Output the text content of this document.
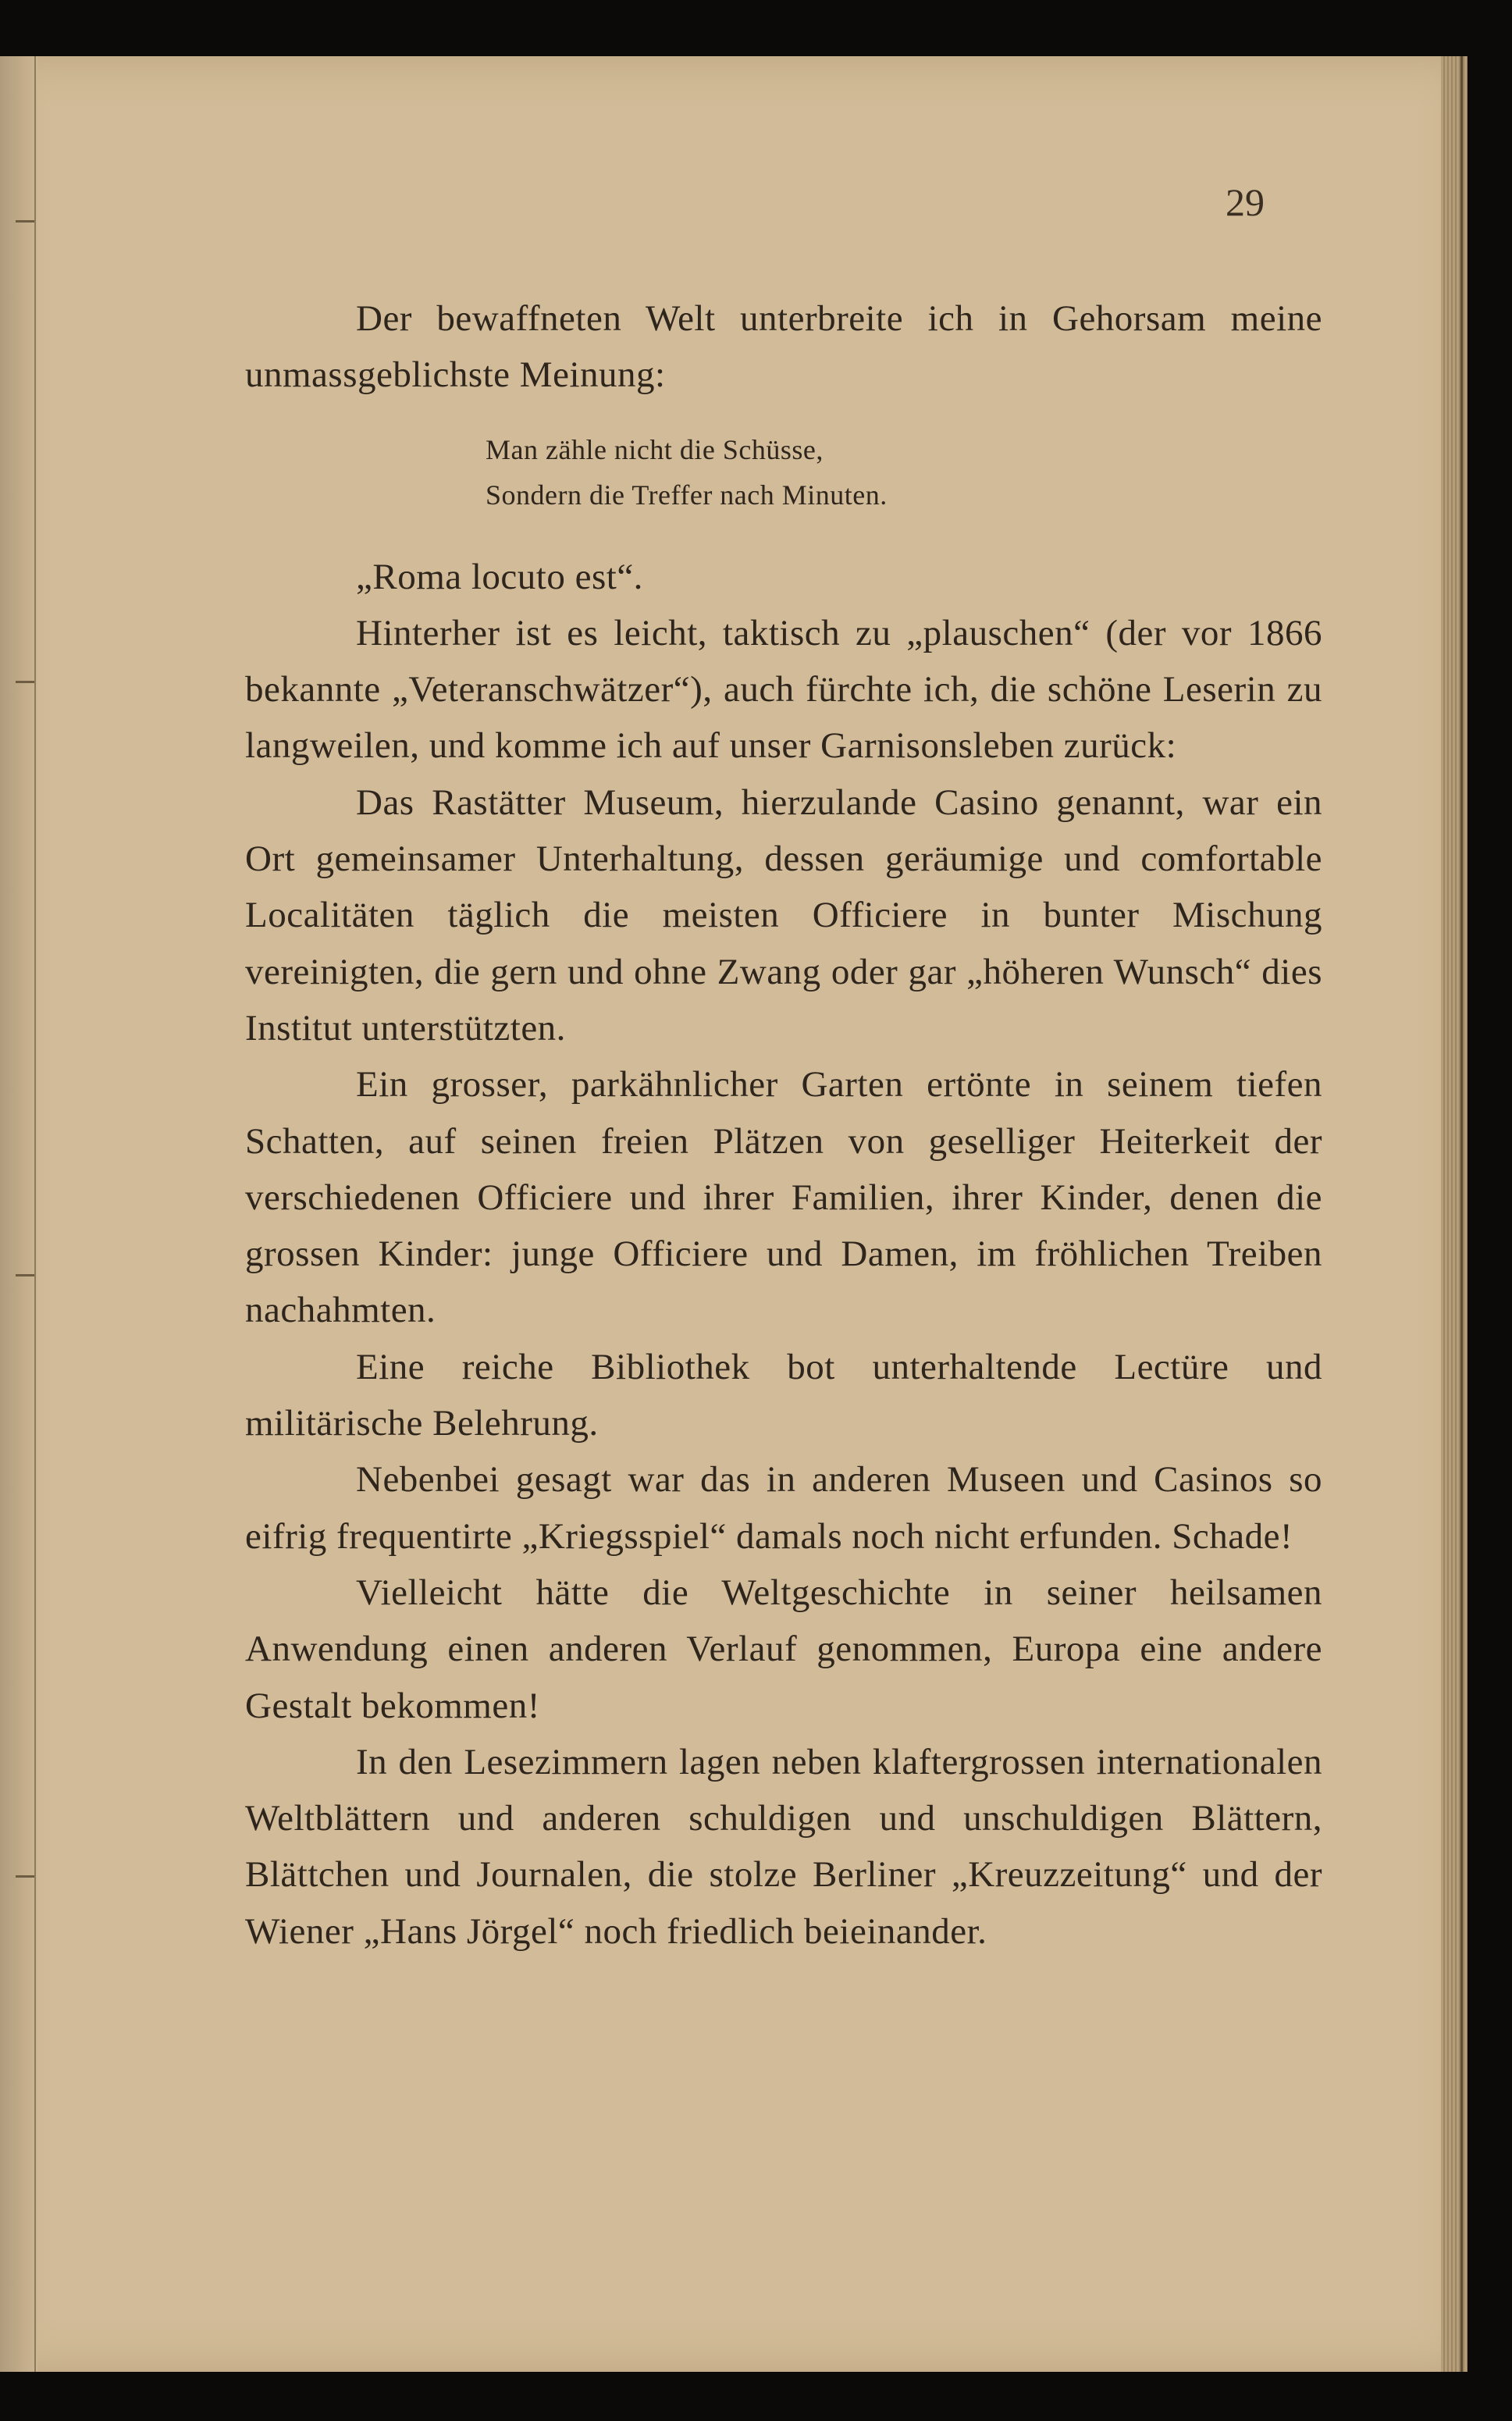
29

Der bewaffneten Welt unterbreite ich in Gehorsam meine unmassgeblichste Meinung:

Man zähle nicht die Schüsse,
Sondern die Treffer nach Minuten.

„Roma locuto est“.

Hinterher ist es leicht, taktisch zu „plauschen“ (der vor 1866 bekannte „Veteranschwätzer“), auch fürchte ich, die schöne Leserin zu langweilen, und komme ich auf unser Garnisonsleben zurück:

Das Rastätter Museum, hierzulande Casino genannt, war ein Ort gemeinsamer Unterhaltung, dessen geräumige und comfortable Localitäten täglich die meisten Officiere in bunter Mischung vereinigten, die gern und ohne Zwang oder gar „höheren Wunsch“ dies Institut unterstützten.

Ein grosser, parkähnlicher Garten ertönte in seinem tiefen Schatten, auf seinen freien Plätzen von geselliger Heiterkeit der verschiedenen Officiere und ihrer Familien, ihrer Kinder, denen die grossen Kinder: junge Officiere und Damen, im fröhlichen Treiben nachahmten.

Eine reiche Bibliothek bot unterhaltende Lectüre und militärische Belehrung.

Nebenbei gesagt war das in anderen Museen und Casinos so eifrig frequentirte „Kriegsspiel“ damals noch nicht erfunden. Schade!

Vielleicht hätte die Weltgeschichte in seiner heilsamen Anwendung einen anderen Verlauf genommen, Europa eine andere Gestalt bekommen!

In den Lesezimmern lagen neben klaftergrossen internationalen Weltblättern und anderen schuldigen und unschuldigen Blättern, Blättchen und Journalen, die stolze Berliner „Kreuzzeitung“ und der Wiener „Hans Jörgel“ noch friedlich beieinander.
